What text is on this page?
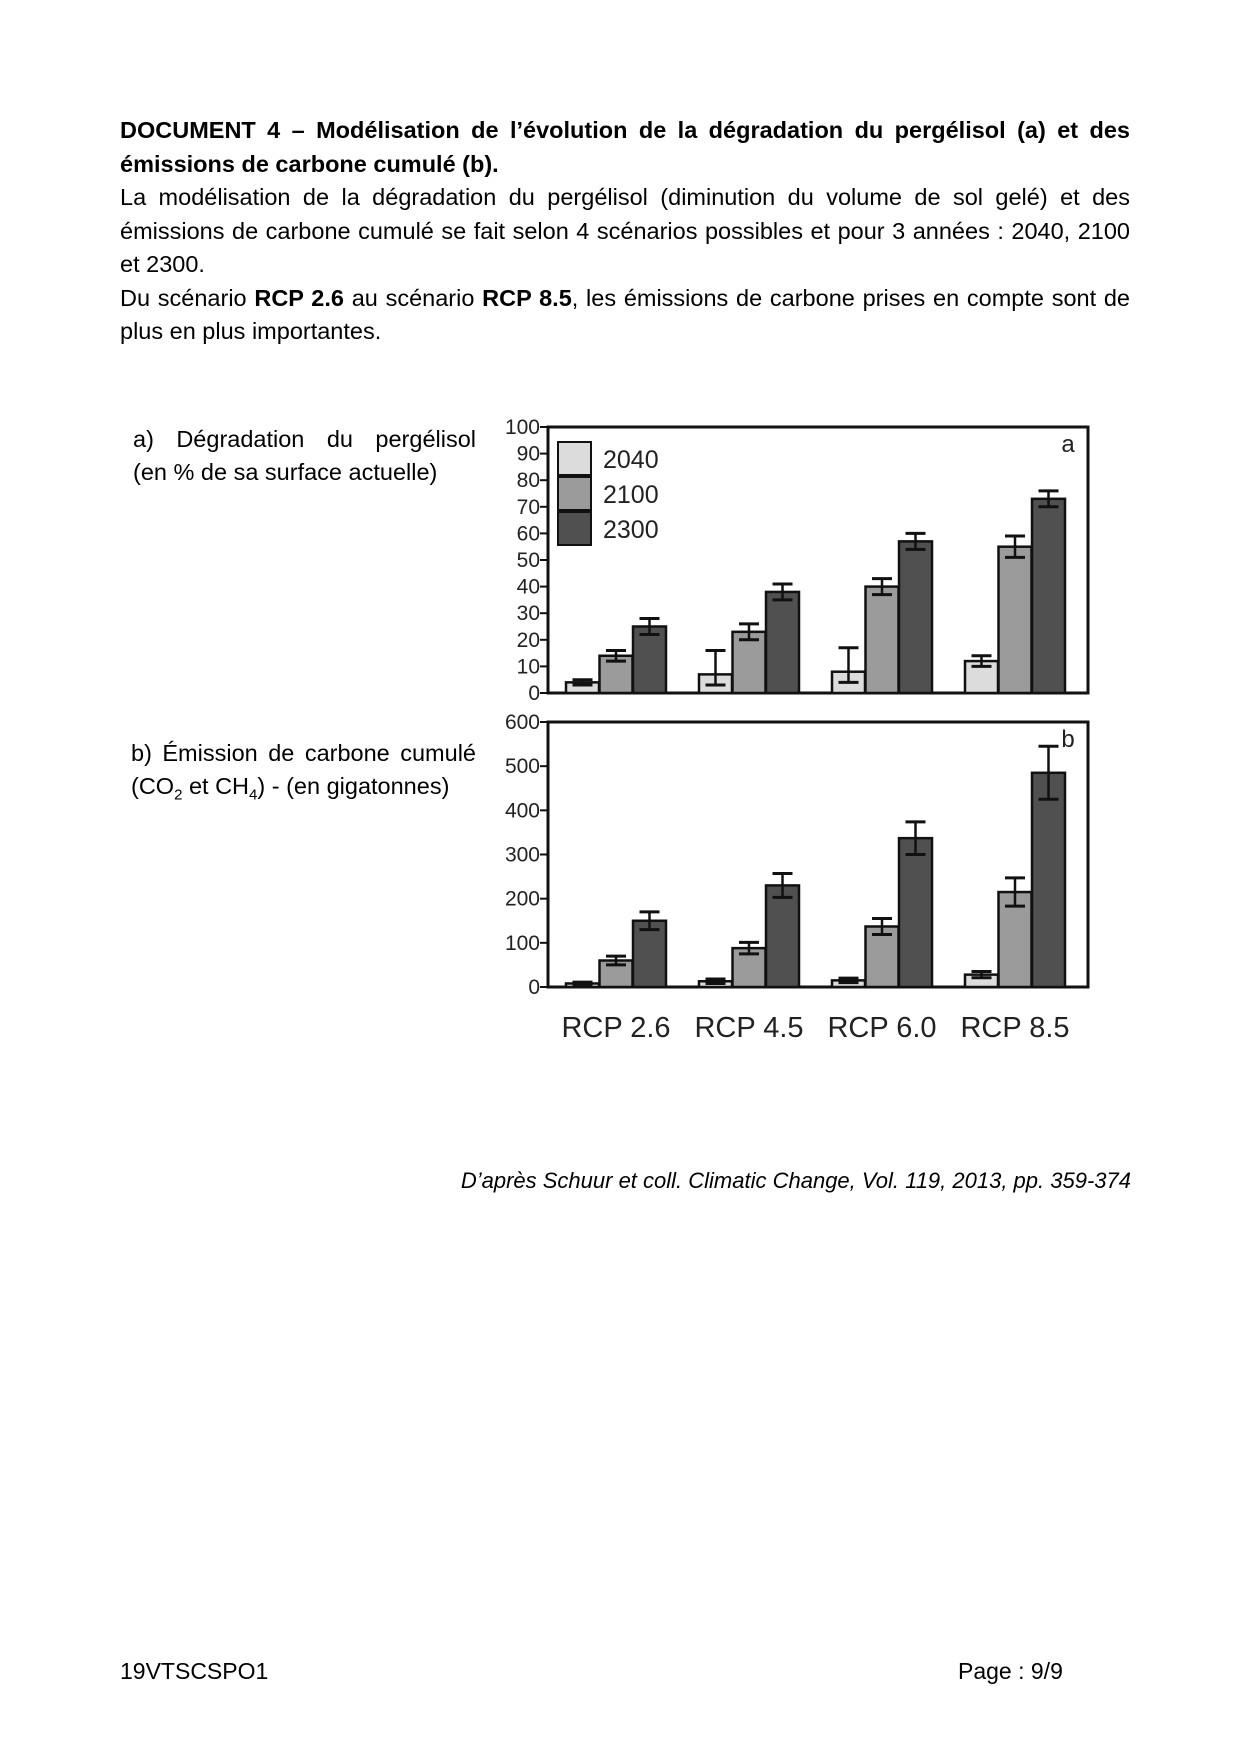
DOCUMENT 4 – Modélisation de l’évolution de la dégradation du pergélisol (a) et des émissions de carbone cumulé (b).

La modélisation de la dégradation du pergélisol (diminution du volume de sol gelé) et des émissions de carbone cumulé se fait selon 4 scénarios possibles et pour 3 années : 2040, 2100 et 2300.

Du scénario RCP 2.6 au scénario RCP 8.5, les émissions de carbone prises en compte sont de plus en plus importantes.

a) Dégradation du pergélisol
(en % de sa surface actuelle)
b) Émission de carbone cumulé
($CO_2$ et $CH_4) - (en$ gigatonnes)
100
90
80
70
60
50
40
30
20
10
0
a
2040
2100
2300
600
500
400
300
200
100
0
b
RCP 2.6 RCP 4.5 RCP 6.0 RCP 8.5
D’après Schuur et coll. Climatic Change, Vol. 119, 2013, pp. 359-374
19VTSCSPO1	Page : 9/9
